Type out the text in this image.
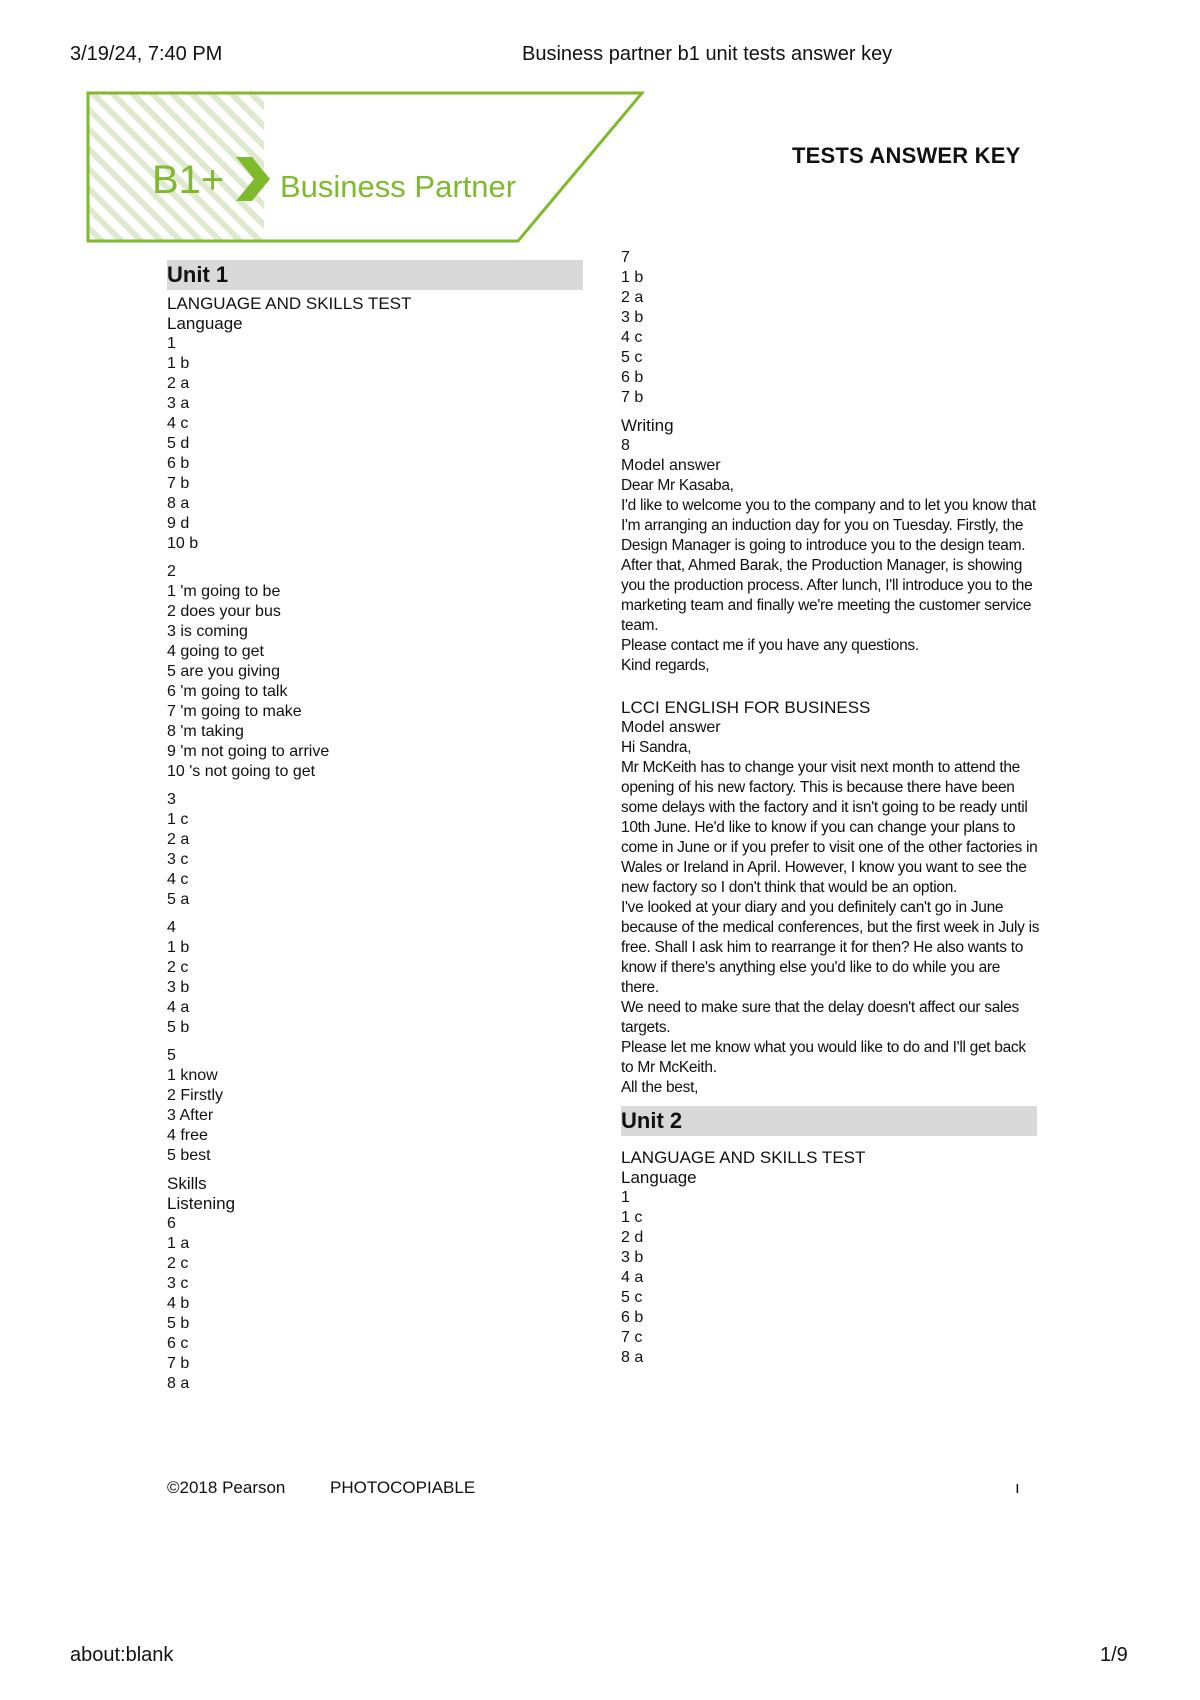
3/19/24, 7:40 PM	Business partner b1 unit tests answer key
B1+ Business Partner
TESTS ANSWER KEY
Unit 1
LANGUAGE AND SKILLS TEST
Language
1
1 b
2 a
3 a
4 c
5 d
6 b
7 b
8 a
9 d
10 b
2
1 'm going to be
2 does your bus
3 is coming
4 going to get
5 are you giving
6 'm going to talk
7 'm going to make
8 'm taking
9 'm not going to arrive
10 's not going to get
3
1 c
2 a
3 c
4 c
5 a
4
1 b
2 c
3 b
4 a
5 b
5
1 know
2 Firstly
3 After
4 free
5 best
Skills
Listening
6
1 a
2 c
3 c
4 b
5 b
6 c
7 b
8 a
7
1 b
2 a
3 b
4 c
5 c
6 b
7 b
Writing
8
Model answer
Dear Mr Kasaba,
I'd like to welcome you to the company and to let you know that I'm arranging an induction day for you on Tuesday. Firstly, the Design Manager is going to introduce you to the design team. After that, Ahmed Barak, the Production Manager, is showing you the production process. After lunch, I'll introduce you to the marketing team and finally we're meeting the customer service team.
Please contact me if you have any questions.
Kind regards,
LCCI ENGLISH FOR BUSINESS
Model answer
Hi Sandra,
Mr McKeith has to change your visit next month to attend the opening of his new factory. This is because there have been some delays with the factory and it isn't going to be ready until 10th June. He'd like to know if you can change your plans to come in June or if you prefer to visit one of the other factories in Wales or Ireland in April. However, I know you want to see the new factory so I don't think that would be an option.
I've looked at your diary and you definitely can't go in June because of the medical conferences, but the first week in July is free. Shall I ask him to rearrange it for then? He also wants to know if there's anything else you'd like to do while you are there.
We need to make sure that the delay doesn't affect our sales targets.
Please let me know what you would like to do and I'll get back to Mr McKeith.
All the best,
Unit 2
LANGUAGE AND SKILLS TEST
Language
1
1 c
2 d
3 b
4 a
5 c
6 b
7 c
8 a
©2018 Pearson	PHOTOCOPIABLE	ı
about:blank	1/9
